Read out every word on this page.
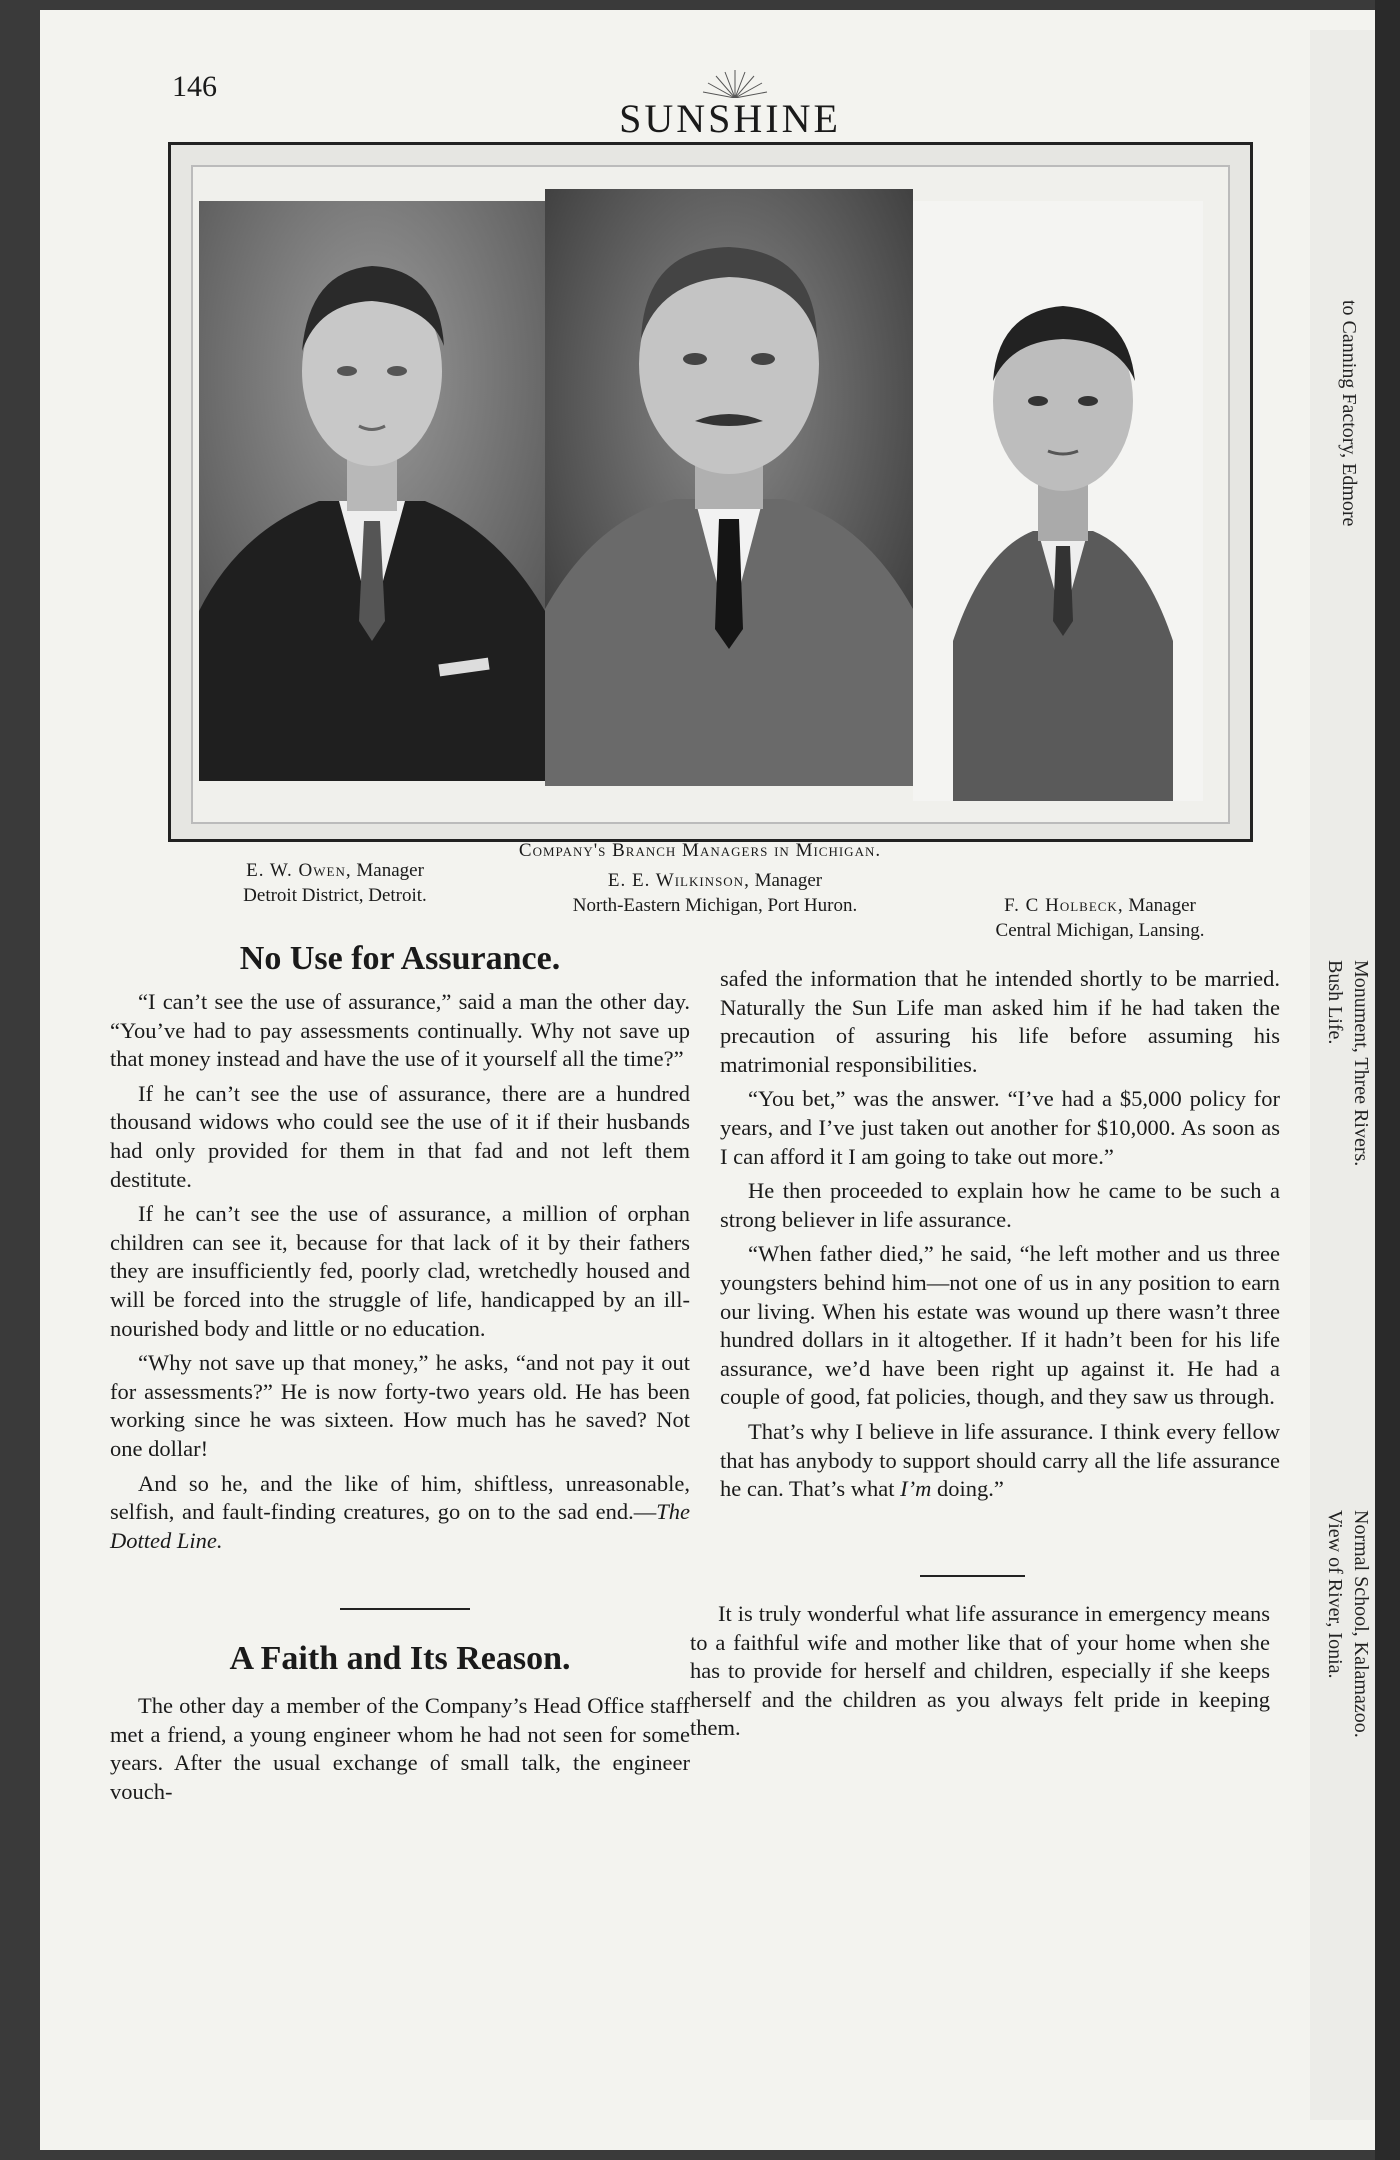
146
SUNSHINE
Company's Branch Managers in Michigan.
E. W. Owen, Manager
Detroit District, Detroit.
E. E. Wilkinson, Manager
North-Eastern Michigan, Port Huron.	F. C Holbeck, Manager
Central Michigan, Lansing.
No Use for Assurance.

“I can’t see the use of assurance,” said a man the other day. “You’ve had to pay assessments continually. Why not save up that money instead and have the use of it yourself all the time?”

If he can’t see the use of assurance, there are a hundred thousand widows who could see the use of it if their husbands had only provided for them in that fad and not left them destitute.

If he can’t see the use of assurance, a million of orphan children can see it, because for that lack of it by their fathers they are insufficiently fed, poorly clad, wretchedly housed and will be forced into the struggle of life, handicapped by an ill-nourished body and little or no education.

“Why not save up that money,” he asks, “and not pay it out for assessments?” He is now forty-two years old. He has been working since he was sixteen. How much has he saved? Not one dollar!

And so he, and the like of him, shiftless, unreasonable, selfish, and fault-finding creatures, go on to the sad end.—The Dotted Line.

A Faith and Its Reason.

The other day a member of the Company’s Head Office staff met a friend, a young engineer whom he had not seen for some years. After the usual exchange of small talk, the engineer vouch-

safed the information that he intended shortly to be married. Naturally the Sun Life man asked him if he had taken the precaution of assuring his life before assuming his matrimonial responsibilities.

“You bet,” was the answer. “I’ve had a $5,000 policy for years, and I’ve just taken out another for $10,000. As soon as I can afford it I am going to take out more.”

He then proceeded to explain how he came to be such a strong believer in life assurance.

“When father died,” he said, “he left mother and us three youngsters behind him—not one of us in any position to earn our living. When his estate was wound up there wasn’t three hundred dollars in it altogether. If it hadn’t been for his life assurance, we’d have been right up against it. He had a couple of good, fat policies, though, and they saw us through.

That’s why I believe in life assurance. I think every fellow that has anybody to support should carry all the life assurance he can. That’s what I’m doing.”

It is truly wonderful what life assurance in emergency means to a faithful wife and mother like that of your home when she has to provide for herself and children, especially if she keeps herself and the children as you always felt pride in keeping them.

to Canning Factory, Edmore
Monument, Three Rivers.
Bush Life.
Normal School, Kalamazoo.
View of River, Ionia.
